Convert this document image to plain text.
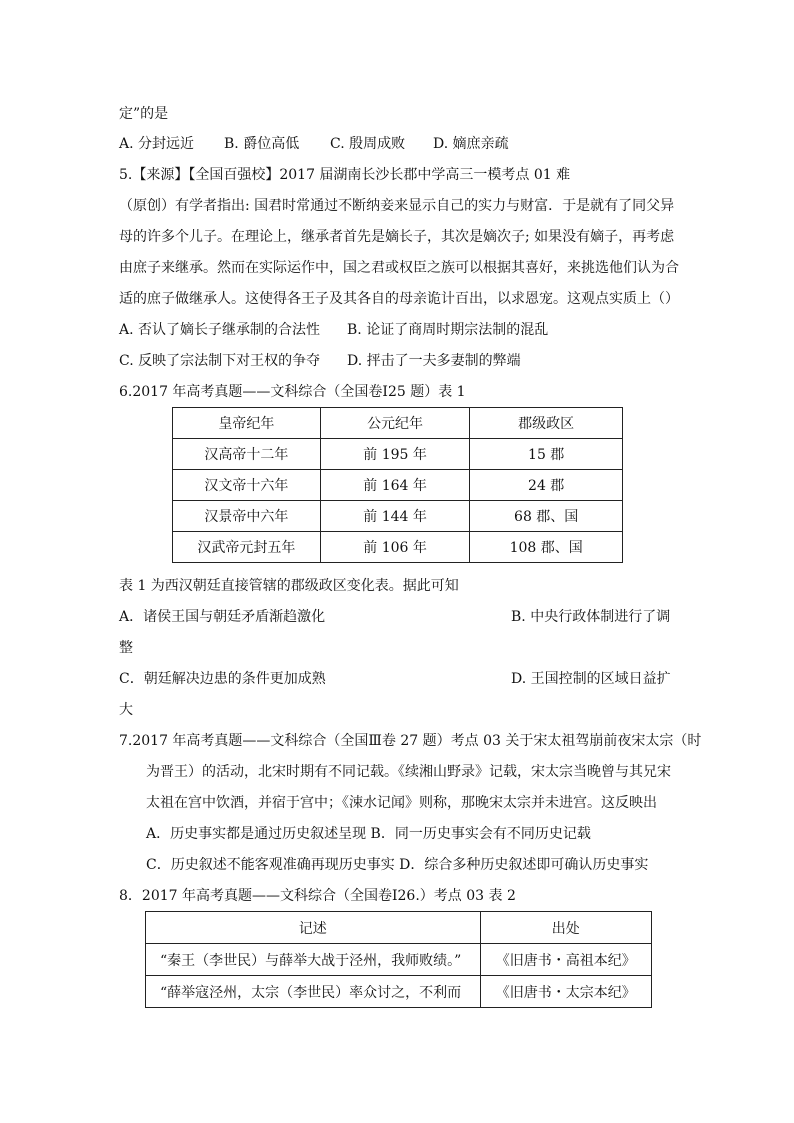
定”的是
A. 分封远近 B. 爵位高低 C. 殷周成败 D. 嫡庶亲疏
5.【来源】【全国百强校】2017 届湖南长沙长郡中学高三一模考点 01 难
（原创）有学者指出: 国君时常通过不断纳妾来显示自己的实力与财富．于是就有了同父异
母的许多个儿子。在理论上，继承者首先是嫡长子，其次是嫡次子; 如果没有嫡子，再考虑
由庶子来继承。然而在实际运作中，国之君或权臣之族可以根据其喜好，来挑选他们认为合
适的庶子做继承人。这使得各王子及其各自的母亲诡计百出，以求恩宠。这观点实质上（）
A. 否认了嫡长子继承制的合法性 B. 论证了商周时期宗法制的混乱
C. 反映了宗法制下对王权的争夺 D. 抨击了一夫多妻制的弊端
6.2017 年高考真题——文科综合（全国卷Ⅰ25 题）表 1
皇帝纪年	公元纪年	郡级政区
汉高帝十二年	前 195 年	15 郡
汉文帝十六年	前 164 年	24 郡
汉景帝中六年	前 144 年	68 郡、国
汉武帝元封五年	前 106 年	108 郡、国
表 1 为西汉朝廷直接管辖的郡级政区变化表。据此可知
A．诸侯王国与朝廷矛盾渐趋激化	B. 中央行政体制进行了调
整
C．朝廷解决边患的条件更加成熟	D. 王国控制的区域日益扩
大
7.2017 年高考真题——文科综合（全国Ⅲ卷 27 题）考点 03 关于宋太祖驾崩前夜宋太宗（时
为晋王）的活动，北宋时期有不同记载。《续湘山野录》记载，宋太宗当晚曾与其兄宋
太祖在宫中饮酒，并宿于宫中；《涑水记闻》则称，那晚宋太宗并未进宫。这反映出
A．历史事实都是通过历史叙述呈现 B．同一历史事实会有不同历史记载
C．历史叙述不能客观准确再现历史事实 D．综合多种历史叙述即可确认历史事实
8．2017 年高考真题——文科综合（全国卷Ⅰ26.）考点 03 表 2
记述	出处
“秦王（李世民）与薛举大战于泾州，我师败绩。”	《旧唐书・高祖本纪》
“薛举寇泾州，太宗（李世民）率众讨之，不利而	《旧唐书・太宗本纪》
